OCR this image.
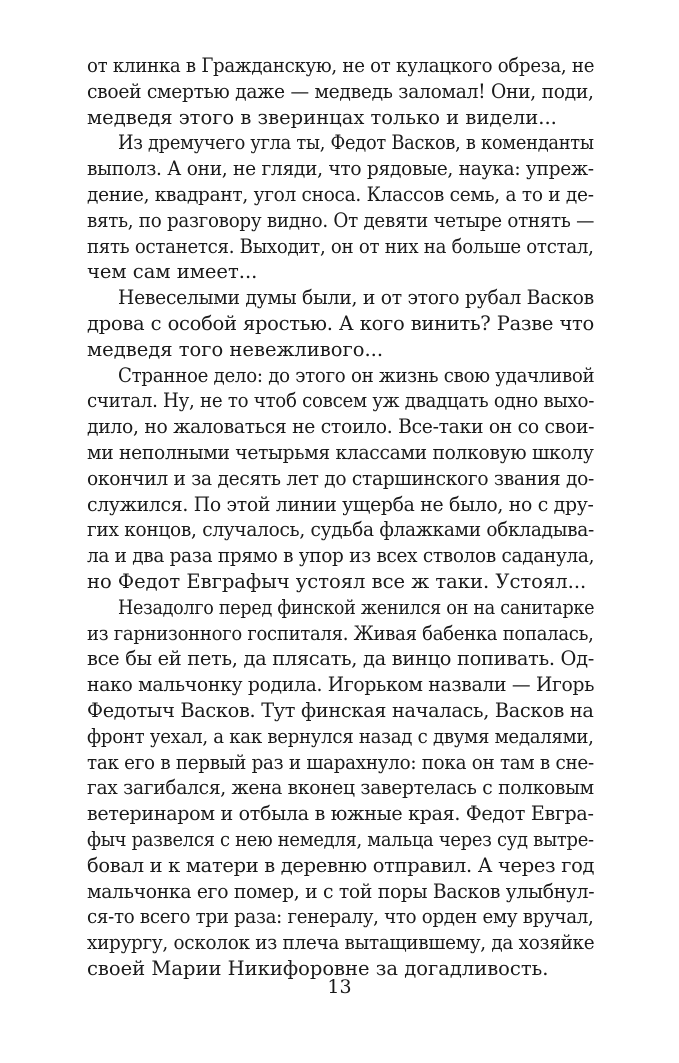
от клинка в Гражданскую, не от кулацкого обреза, не
своей смертью даже — медведь заломал! Они, поди,
медведя этого в зверинцах только и видели...
Из дремучего угла ты, Федот Васков, в коменданты
выполз. А они, не гляди, что рядовые, наука: упреж-
дение, квадрант, угол сноса. Классов семь, а то и де-
вять, по разговору видно. От девяти четыре отнять —
пять останется. Выходит, он от них на больше отстал,
чем сам имеет...
Невеселыми думы были, и от этого рубал Васков
дрова с особой яростью. А кого винить? Разве что
медведя того невежливого...
Странное дело: до этого он жизнь свою удачливой
считал. Ну, не то чтоб совсем уж двадцать одно выхо-
дило, но жаловаться не стоило. Все-таки он со свои-
ми неполными четырьмя классами полковую школу
окончил и за десять лет до старшинского звания до-
служился. По этой линии ущерба не было, но с дру-
гих концов, случалось, судьба флажками обкладыва-
ла и два раза прямо в упор из всех стволов саданула,
но Федот Евграфыч устоял все ж таки. Устоял...
Незадолго перед финской женился он на санитарке
из гарнизонного госпиталя. Живая бабенка попалась,
все бы ей петь, да плясать, да винцо попивать. Од-
нако мальчонку родила. Игорьком назвали — Игорь
Федотыч Васков. Тут финская началась, Васков на
фронт уехал, а как вернулся назад с двумя медалями,
так его в первый раз и шарахнуло: пока он там в сне-
гах загибался, жена вконец завертелась с полковым
ветеринаром и отбыла в южные края. Федот Евгра-
фыч развелся с нею немедля, мальца через суд вытре-
бовал и к матери в деревню отправил. А через год
мальчонка его помер, и с той поры Васков улыбнул-
ся-то всего три раза: генералу, что орден ему вручал,
хирургу, осколок из плеча вытащившему, да хозяйке
своей Марии Никифоровне за догадливость.
13
